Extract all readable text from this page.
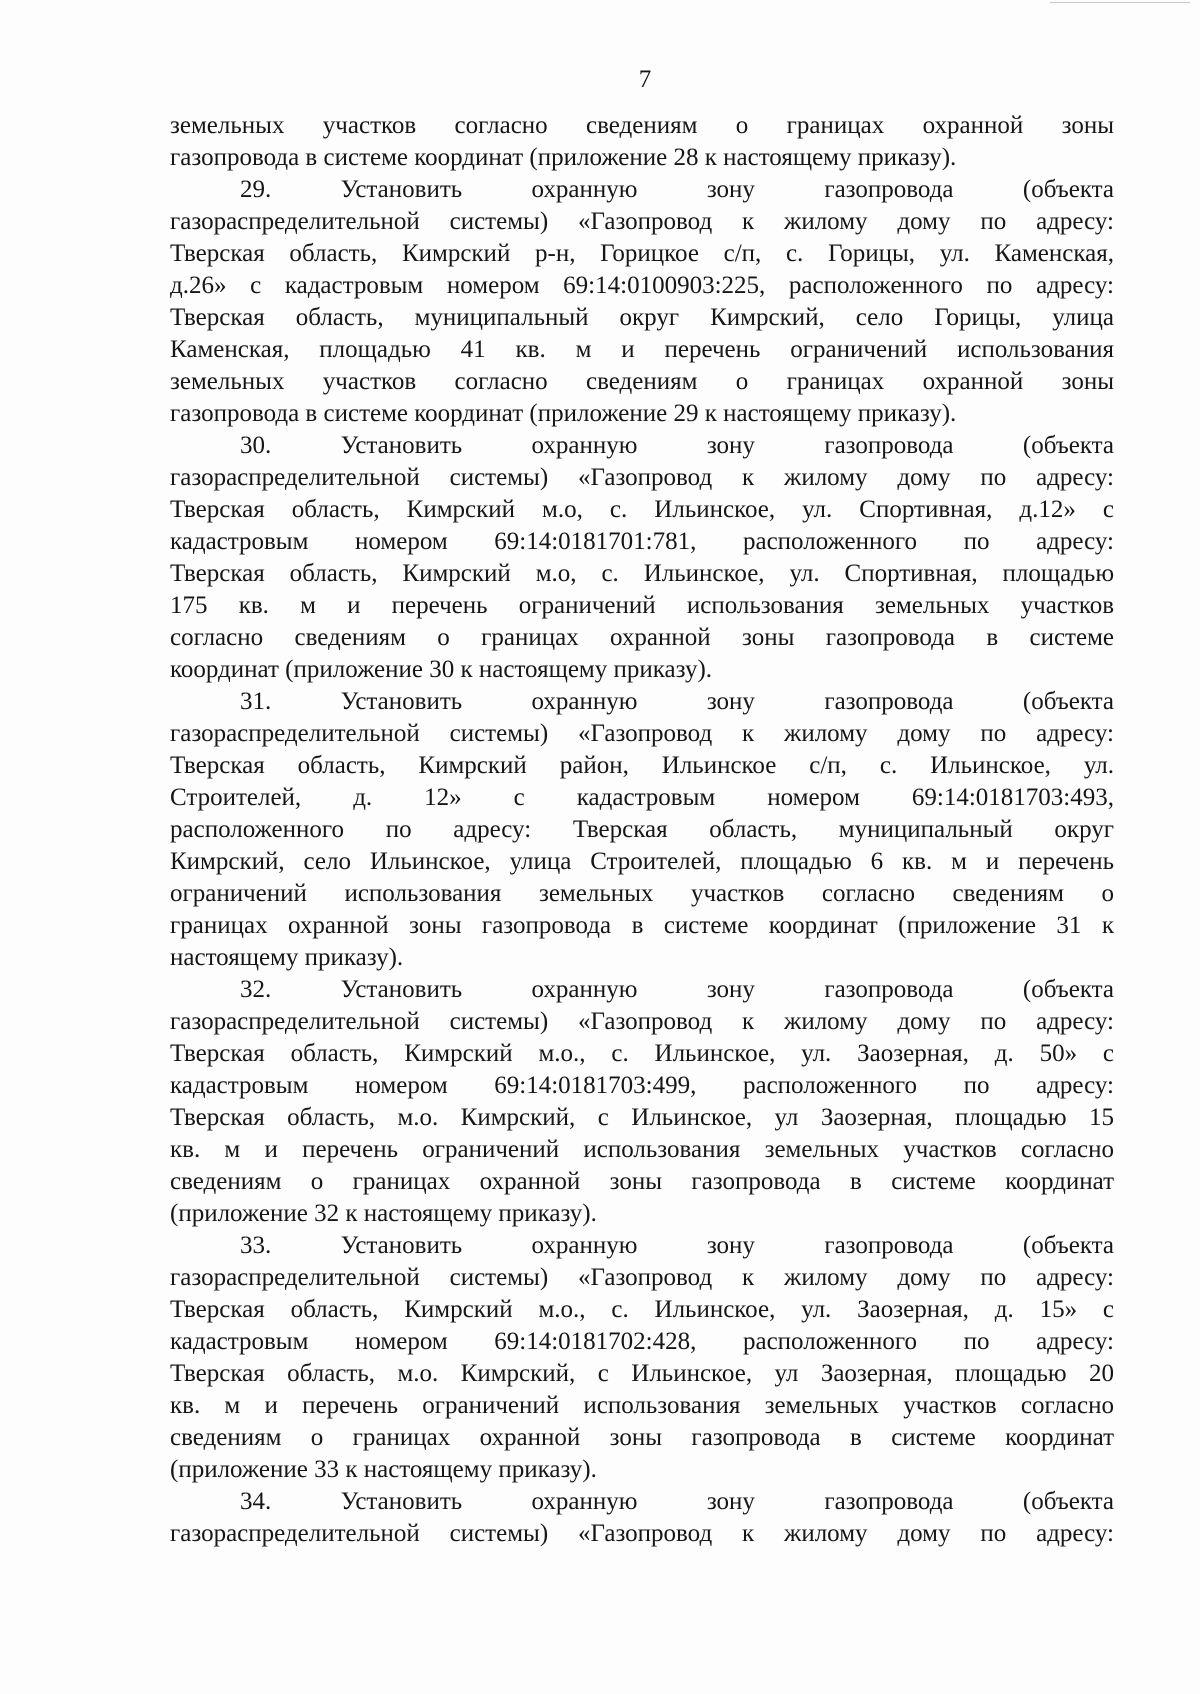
7
земельных участков согласно сведениям о границах охранной зоны
газопровода в системе координат (приложение 28 к настоящему приказу).
29. Установить охранную зону газопровода (объекта
газораспределительной системы) «Газопровод к жилому дому по адресу:
Тверская область, Кимрский р-н, Горицкое с/п, с. Горицы, ул. Каменская,
д.26» с кадастровым номером 69:14:0100903:225, расположенного по адресу:
Тверская область, муниципальный округ Кимрский, село Горицы, улица
Каменская, площадью 41 кв. м и перечень ограничений использования
земельных участков согласно сведениям о границах охранной зоны
газопровода в системе координат (приложение 29 к настоящему приказу).
30. Установить охранную зону газопровода (объекта
газораспределительной системы) «Газопровод к жилому дому по адресу:
Тверская область, Кимрский м.о, с. Ильинское, ул. Спортивная, д.12» с
кадастровым номером 69:14:0181701:781, расположенного по адресу:
Тверская область, Кимрский м.о, с. Ильинское, ул. Спортивная, площадью
175 кв. м и перечень ограничений использования земельных участков
согласно сведениям о границах охранной зоны газопровода в системе
координат (приложение 30 к настоящему приказу).
31. Установить охранную зону газопровода (объекта
газораспределительной системы) «Газопровод к жилому дому по адресу:
Тверская область, Кимрский район, Ильинское с/п, с. Ильинское, ул.
Строителей, д. 12» с кадастровым номером 69:14:0181703:493,
расположенного по адресу: Тверская область, муниципальный округ
Кимрский, село Ильинское, улица Строителей, площадью 6 кв. м и перечень
ограничений использования земельных участков согласно сведениям о
границах охранной зоны газопровода в системе координат (приложение 31 к
настоящему приказу).
32. Установить охранную зону газопровода (объекта
газораспределительной системы) «Газопровод к жилому дому по адресу:
Тверская область, Кимрский м.о., с. Ильинское, ул. Заозерная, д. 50» с
кадастровым номером 69:14:0181703:499, расположенного по адресу:
Тверская область, м.о. Кимрский, с Ильинское, ул Заозерная, площадью 15
кв. м и перечень ограничений использования земельных участков согласно
сведениям о границах охранной зоны газопровода в системе координат
(приложение 32 к настоящему приказу).
33. Установить охранную зону газопровода (объекта
газораспределительной системы) «Газопровод к жилому дому по адресу:
Тверская область, Кимрский м.о., с. Ильинское, ул. Заозерная, д. 15» с
кадастровым номером 69:14:0181702:428, расположенного по адресу:
Тверская область, м.о. Кимрский, с Ильинское, ул Заозерная, площадью 20
кв. м и перечень ограничений использования земельных участков согласно
сведениям о границах охранной зоны газопровода в системе координат
(приложение 33 к настоящему приказу).
34. Установить охранную зону газопровода (объекта
газораспределительной системы) «Газопровод к жилому дому по адресу:
